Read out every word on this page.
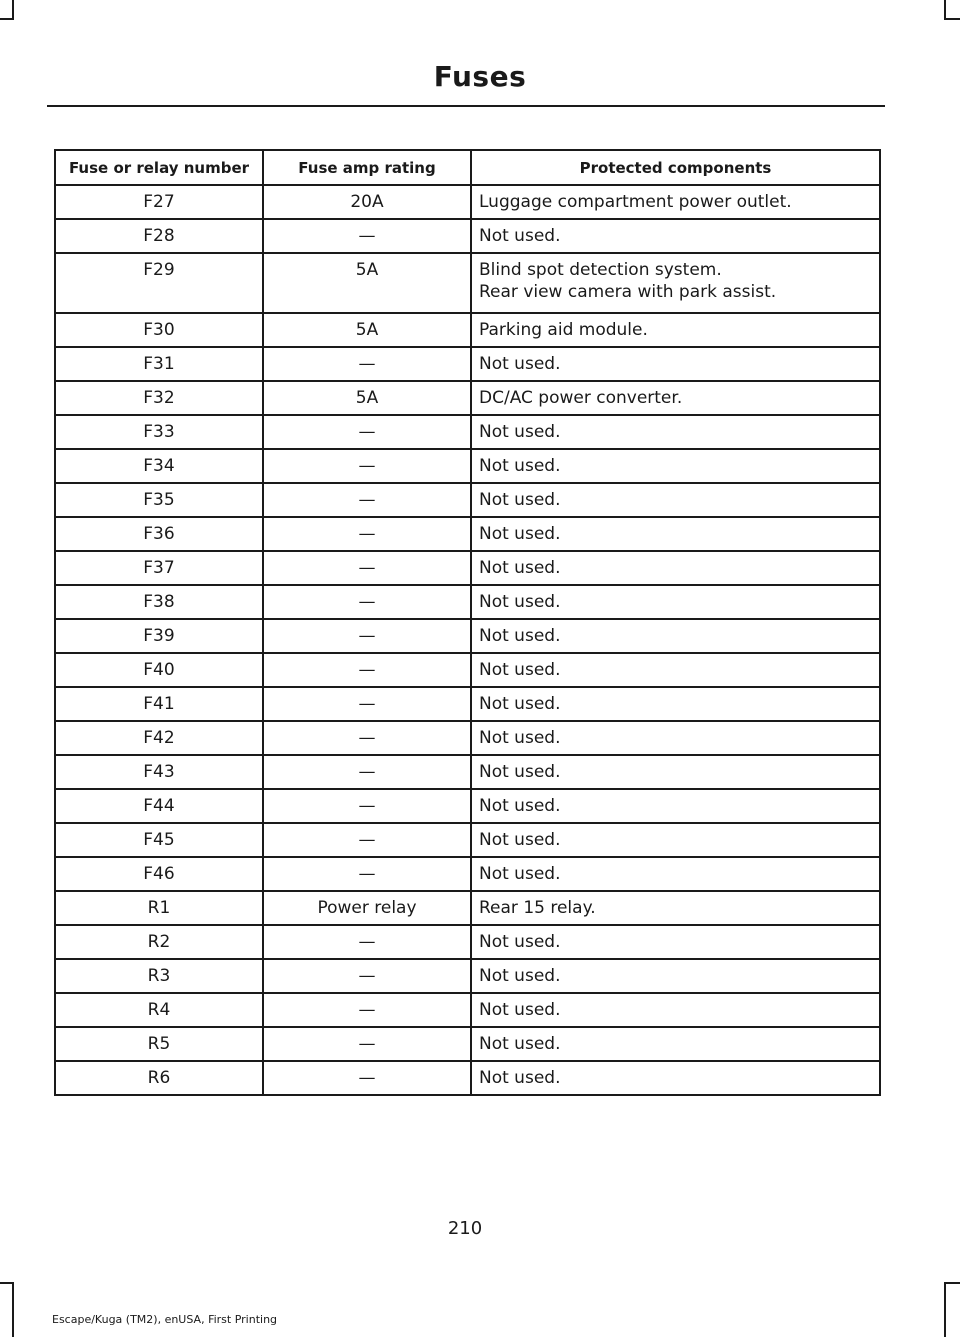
Fuses
Fuse or relay number	Fuse amp rating	Protected components
F27	20A	Luggage compartment power outlet.

F28	—	Not used.

F29	5A	Blind spot detection system.
Rear view camera with park assist.

F30	5A	Parking aid module.

F31	—	Not used.

F32	5A	DC/AC power converter.

F33	—	Not used.

F34	—	Not used.

F35	—	Not used.

F36	—	Not used.

F37	—	Not used.

F38	—	Not used.

F39	—	Not used.

F40	—	Not used.

F41	—	Not used.

F42	—	Not used.

F43	—	Not used.

F44	—	Not used.

F45	—	Not used.

F46	—	Not used.

R1	Power relay	Rear 15 relay.

R2	—	Not used.

R3	—	Not used.

R4	—	Not used.

R5	—	Not used.

R6	—	Not used.
210
Escape/Kuga (TM2), enUSA, First Printing
